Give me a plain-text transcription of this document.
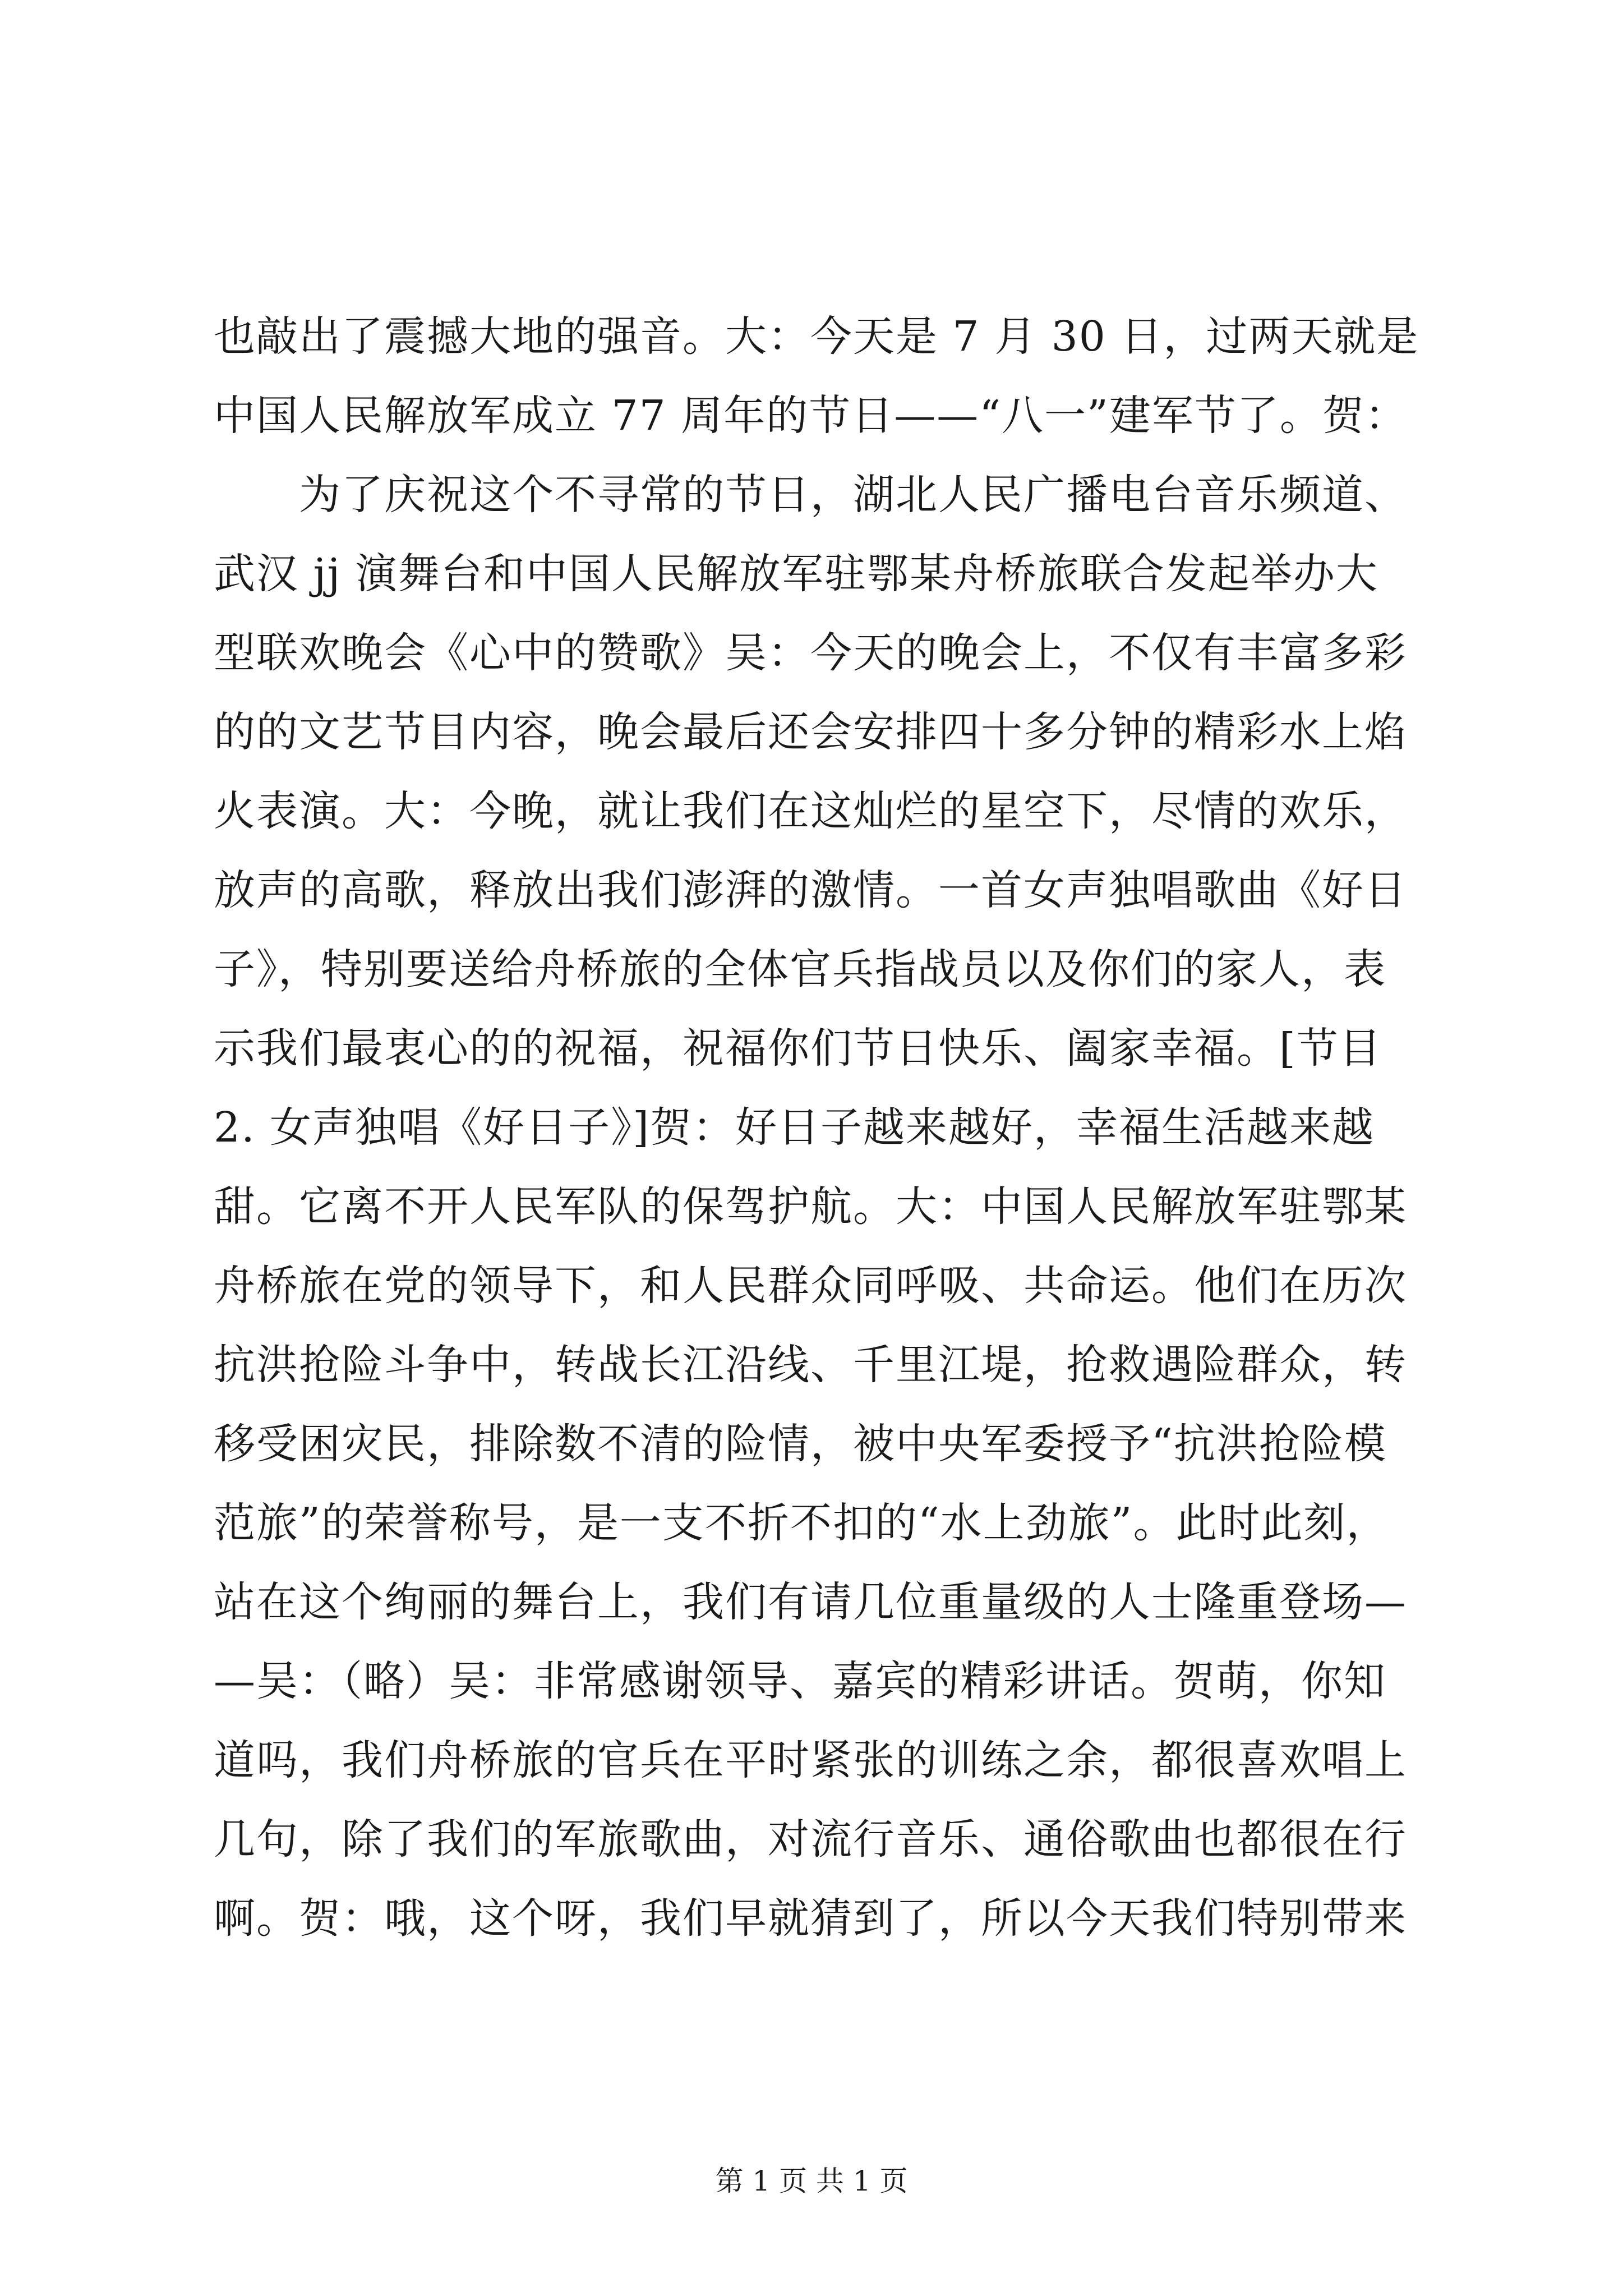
也敲出了震撼大地的强音。大：今天是 7 月 30 日，过两天就是
中国人民解放军成立 77 周年的节日——“八一”建军节了。贺：
　　为了庆祝这个不寻常的节日，湖北人民广播电台音乐频道、
武汉 jj 演舞台和中国人民解放军驻鄂某舟桥旅联合发起举办大
型联欢晚会《心中的赞歌》吴：今天的晚会上，不仅有丰富多彩
的的文艺节目内容，晚会最后还会安排四十多分钟的精彩水上焰
火表演。大：今晚，就让我们在这灿烂的星空下，尽情的欢乐，
放声的高歌，释放出我们澎湃的激情。一首女声独唱歌曲《好日
子》，特别要送给舟桥旅的全体官兵指战员以及你们的家人，表
示我们最衷心的的祝福，祝福你们节日快乐、阖家幸福。[节目
2. 女声独唱《好日子》]贺：好日子越来越好，幸福生活越来越
甜。它离不开人民军队的保驾护航。大：中国人民解放军驻鄂某
舟桥旅在党的领导下，和人民群众同呼吸、共命运。他们在历次
抗洪抢险斗争中，转战长江沿线、千里江堤，抢救遇险群众，转
移受困灾民，排除数不清的险情，被中央军委授予“抗洪抢险模
范旅”的荣誉称号，是一支不折不扣的“水上劲旅”。此时此刻，
站在这个绚丽的舞台上，我们有请几位重量级的人士隆重登场—
—吴：（略）吴：非常感谢领导、嘉宾的精彩讲话。贺萌，你知
道吗，我们舟桥旅的官兵在平时紧张的训练之余，都很喜欢唱上
几句，除了我们的军旅歌曲，对流行音乐、通俗歌曲也都很在行
啊。贺：哦，这个呀，我们早就猜到了，所以今天我们特别带来
第 1 页 共 1 页
